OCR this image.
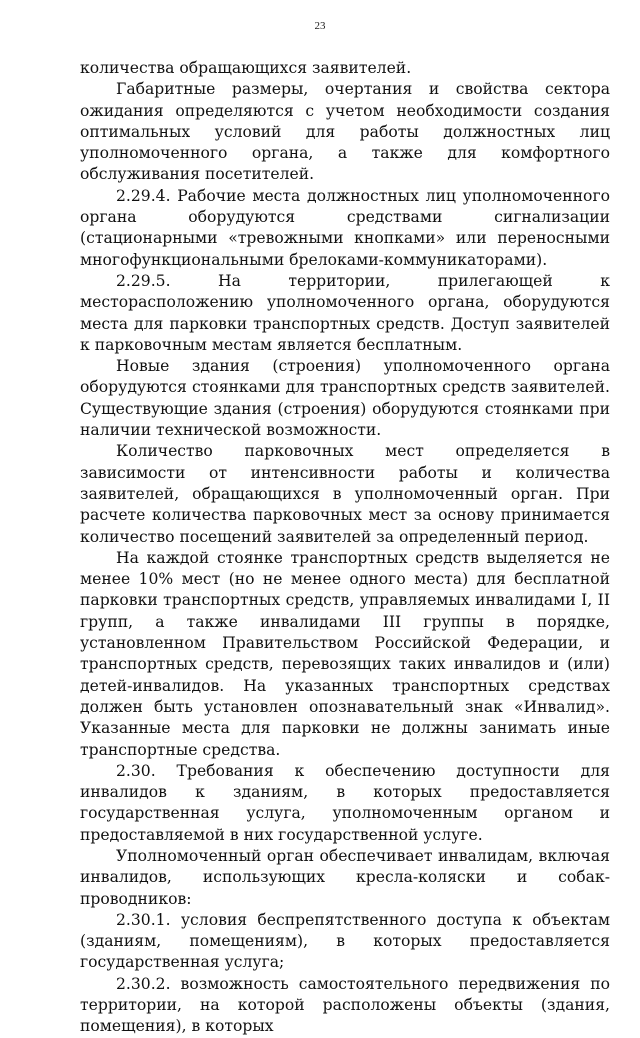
23

количества обращающихся заявителей.

Габаритные размеры, очертания и свойства сектора ожидания определяются с учетом необходимости создания оптимальных условий для работы должностных лиц уполномоченного органа, а также для комфортного обслуживания посетителей.

2.29.4. Рабочие места должностных лиц уполномоченного органа оборудуются средствами сигнализации (стационарными «тревожными кнопками» или переносными многофункциональными брелоками-коммуникаторами).

2.29.5. На территории, прилегающей к месторасположению уполномоченного органа, оборудуются места для парковки транспортных средств. Доступ заявителей к парковочным местам является бесплатным.

Новые здания (строения) уполномоченного органа оборудуются стоянками для транспортных средств заявителей. Существующие здания (строения) оборудуются стоянками при наличии технической возможности.

Количество парковочных мест определяется в зависимости от интенсивности работы и количества заявителей, обращающихся в уполномоченный орган. При расчете количества парковочных мест за основу принимается количество посещений заявителей за определенный период.

На каждой стоянке транспортных средств выделяется не менее 10% мест (но не менее одного места) для бесплатной парковки транспортных средств, управляемых инвалидами I, II групп, а также инвалидами III группы в порядке, установленном Правительством Российской Федерации, и транспортных средств, перевозящих таких инвалидов и (или) детей-инвалидов. На указанных транспортных средствах должен быть установлен опознавательный знак «Инвалид». Указанные места для парковки не должны занимать иные транспортные средства.

2.30. Требования к обеспечению доступности для инвалидов к зданиям, в которых предоставляется государственная услуга, уполномоченным органом и предоставляемой в них государственной услуге.

Уполномоченный орган обеспечивает инвалидам, включая инвалидов, использующих кресла-коляски и собак-проводников:

2.30.1. условия беспрепятственного доступа к объектам (зданиям, помещениям), в которых предоставляется государственная услуга;

2.30.2. возможность самостоятельного передвижения по территории, на которой расположены объекты (здания, помещения), в которых
